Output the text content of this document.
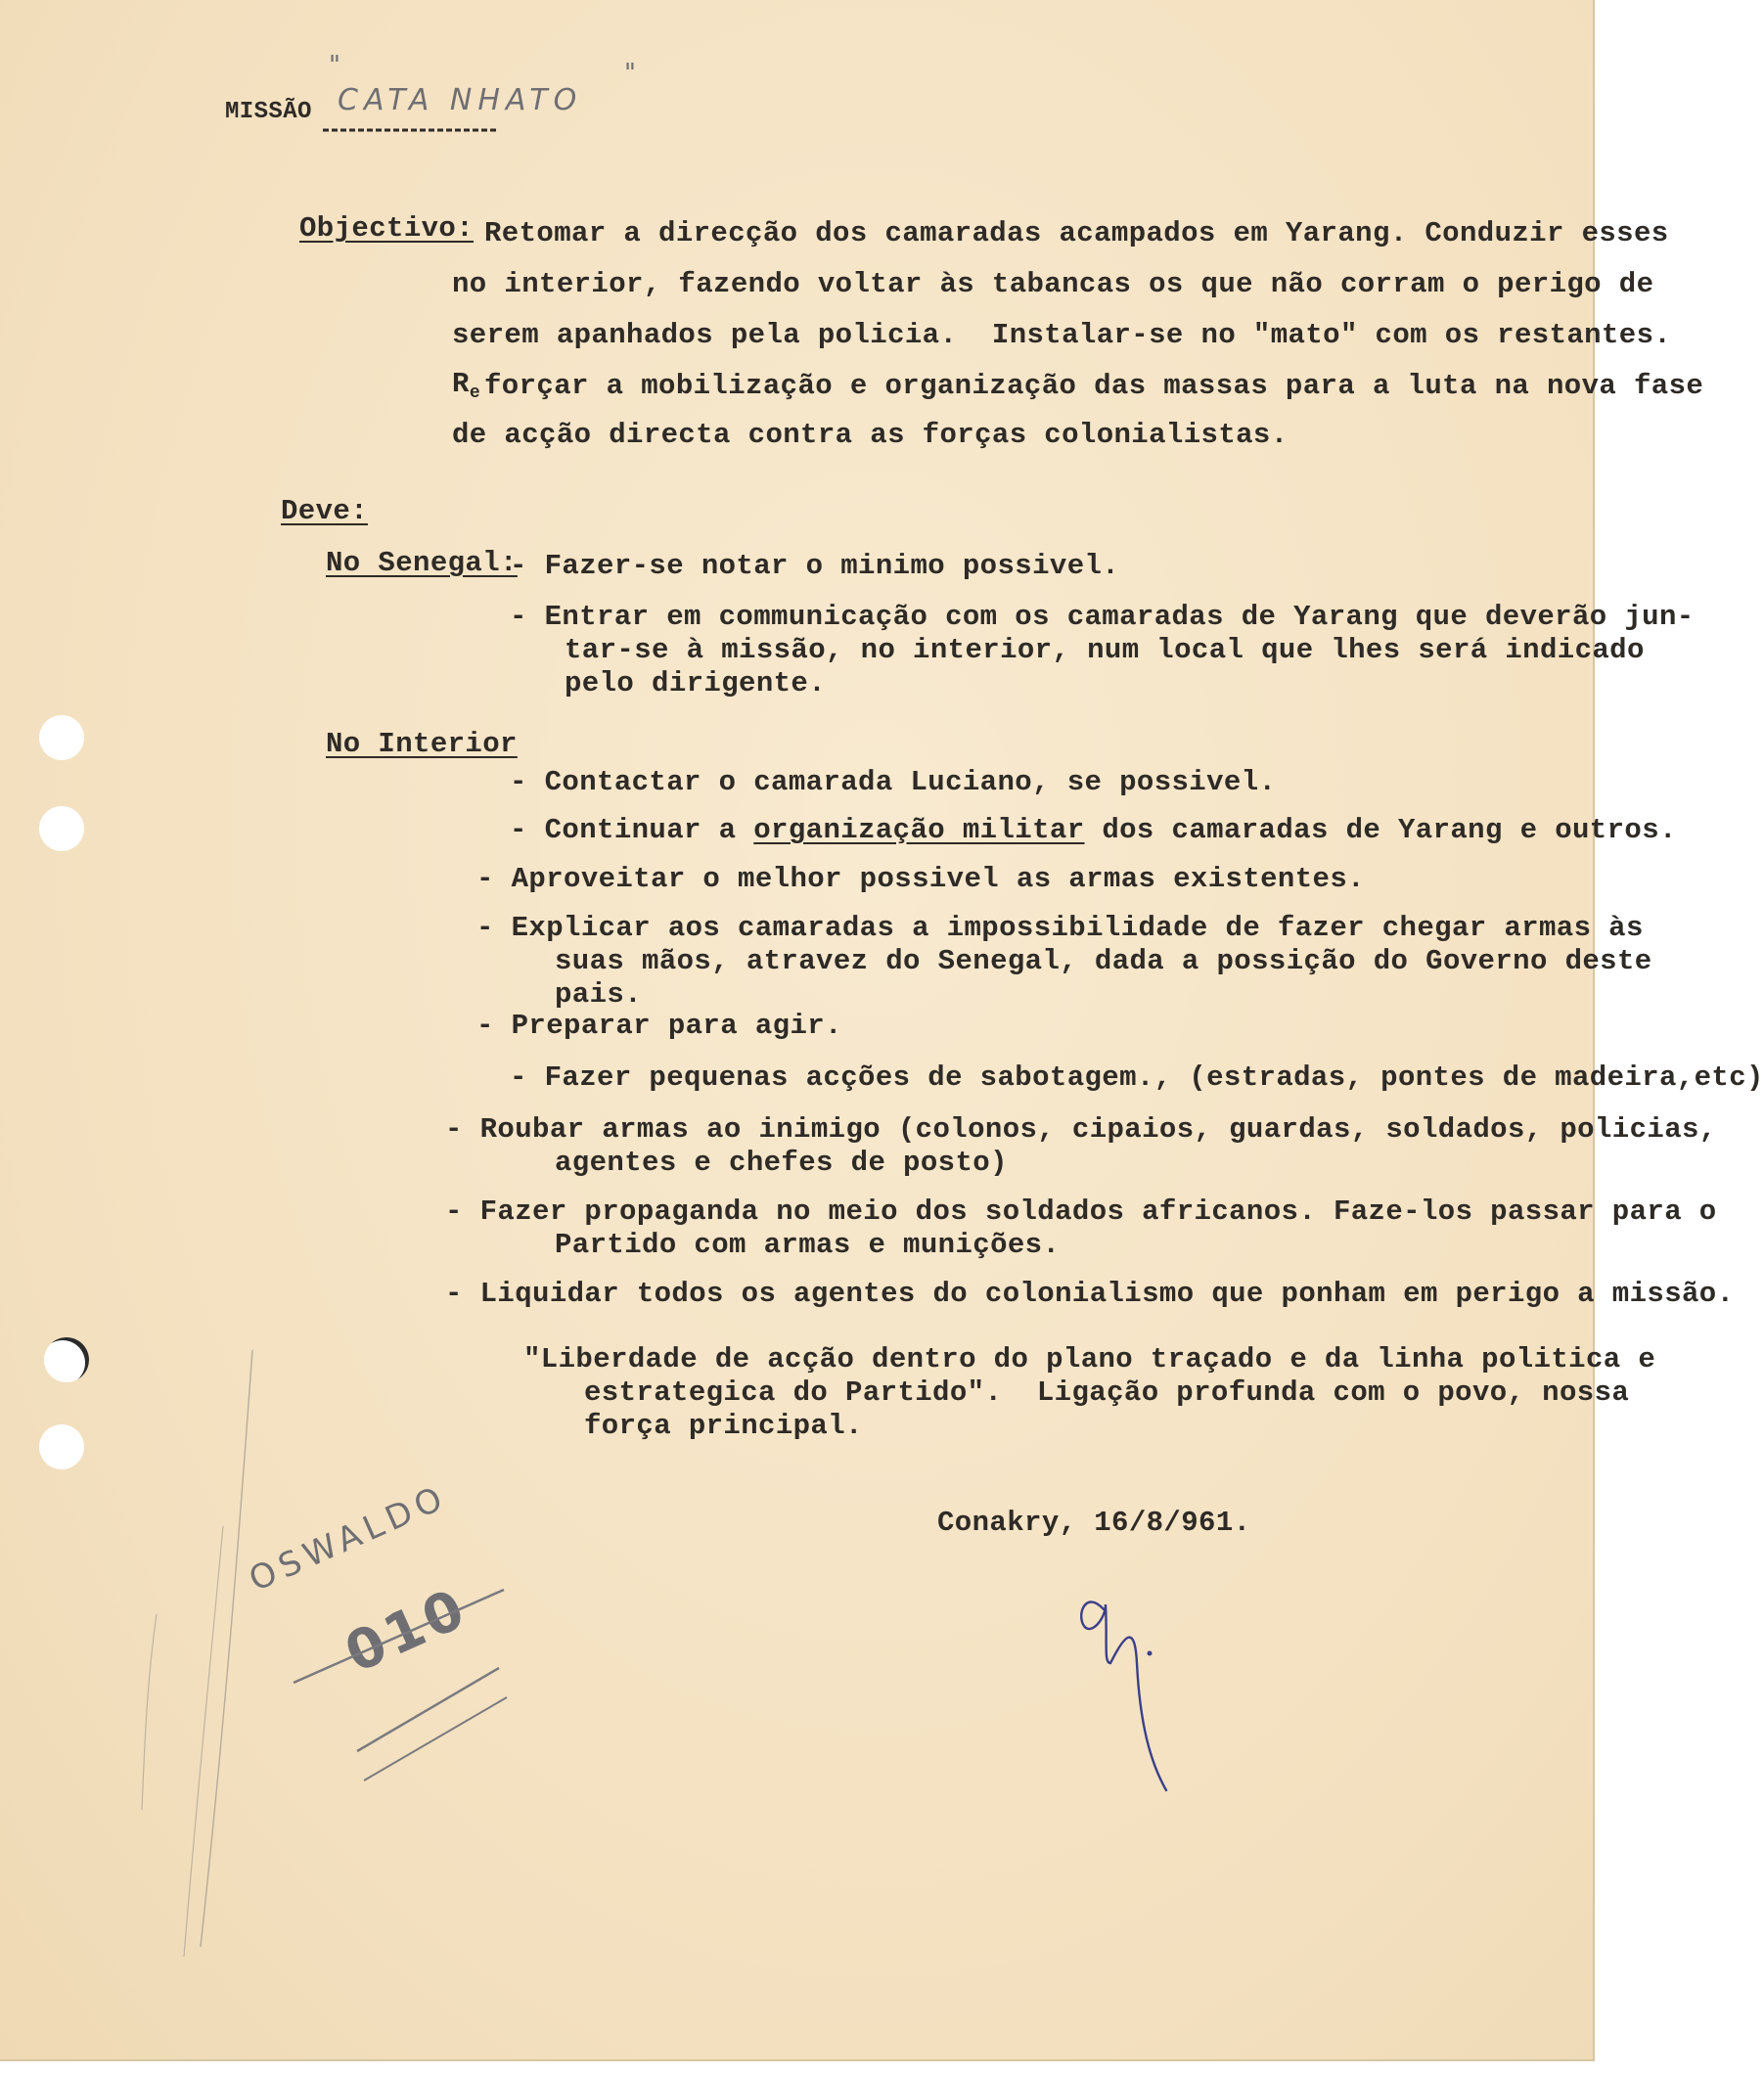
MISSÃO CATA NHATO
"	"
Objectivo: Retomar a direcção dos camaradas acampados em Yarang. Conduzir esses
no interior, fazendo voltar às tabancas os que não corram o perigo de
serem apanhados pela policia.  Instalar-se no "mato" com os restantes.
$R_e$ forçar a mobilização e organização das massas para a luta na nova fase
de acção directa contra as forças colonialistas.
Deve:
No Senegal:
- Fazer-se notar o minimo possivel.
- Entrar em communicação com os camaradas de Yarang que deverão jun-
tar-se à missão, no interior, num local que lhes será indicado
pelo dirigente.
No Interior
- Contactar o camarada Luciano, se possivel.
- Continuar a organização militar dos camaradas de Yarang e outros.
- Aproveitar o melhor possivel as armas existentes.
- Explicar aos camaradas a impossibilidade de fazer chegar armas às
suas mãos, atravez do Senegal, dada a possição do Governo deste
pais.
- Preparar para agir.
- Fazer pequenas acções de sabotagem., (estradas, pontes de madeira,etc)
- Roubar armas ao inimigo (colonos, cipaios, guardas, soldados, policias,
agentes e chefes de posto)
- Fazer propaganda no meio dos soldados africanos. Faze-los passar para o
Partido com armas e munições.
- Liquidar todos os agentes do colonialismo que ponham em perigo a missão.
"Liberdade de acção dentro do plano traçado e da linha politica e
estrategica do Partido".  Ligação profunda com o povo, nossa
força principal.
Conakry, 16/8/961.
OSWALDO
010
